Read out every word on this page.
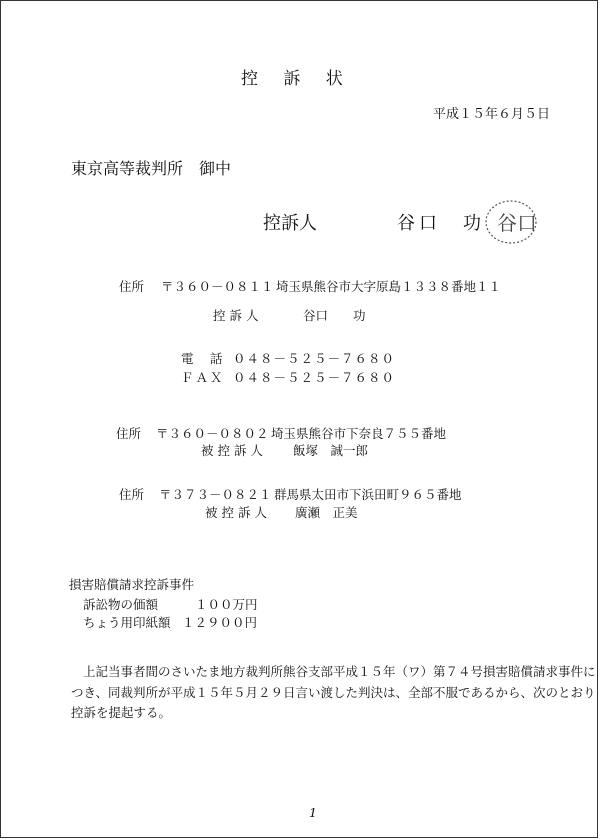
控 訴 状
平成１５年６月５日
東京高等裁判所　御中
控訴人	谷口　功 谷口
住所 〒３６０－０８１１ 埼玉県熊谷市大字原島１３３８番地１１
控 訴 人	谷口　　功
電　話 ０４８－５２５－７６８０
ＦＡＸ ０４８－５２５－７６８０
住所 〒３６０－０８０２ 埼玉県熊谷市下奈良７５５番地
被 控 訴 人 飯塚　誠一郎
住所 〒３７３－０８２１ 群馬県太田市下浜田町９６５番地
被 控 訴 人 廣瀬　正美
損害賠償請求控訴事件
訴訟物の価額	１００万円
ちょう用印紙額 １２９００円
上記当事者間のさいたま地方裁判所熊谷支部平成１５年（ワ）第７４号損害賠償請求事件に
つき、同裁判所が平成１５年５月２９日言い渡した判決は、全部不服であるから、次のとおり
控訴を提起する。
1
